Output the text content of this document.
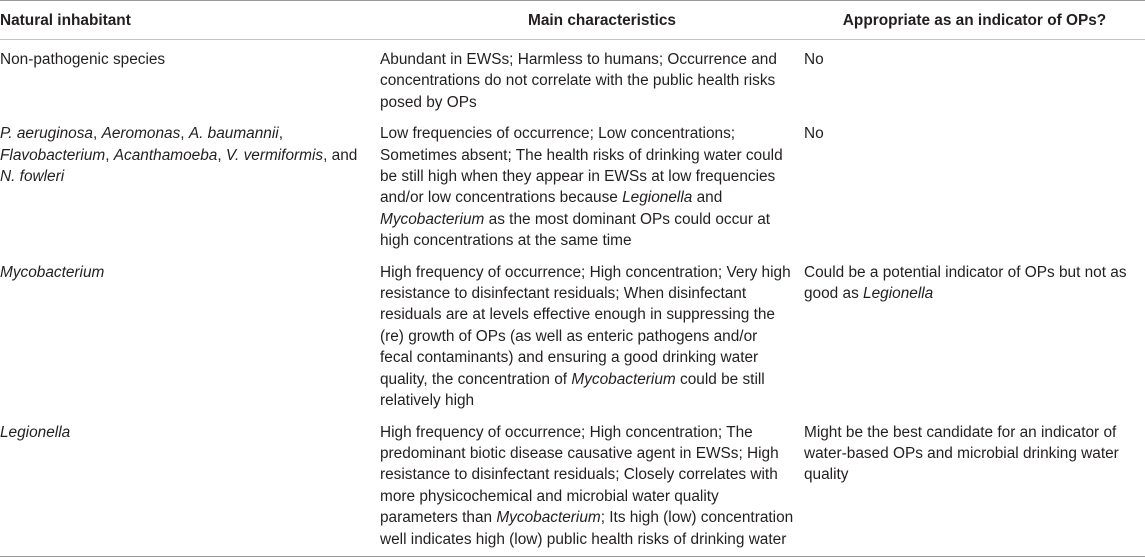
Natural inhabitant	Main characteristics	Appropriate as an indicator of OPs?

Non-pathogenic species	Abundant in EWSs; Harmless to humans; Occurrence and concentrations do not correlate with the public health risks posed by OPs	No

P. aeruginosa, Aeromonas, A. baumannii, Flavobacterium, Acanthamoeba, V. vermiformis, and N. fowleri	Low frequencies of occurrence; Low concentrations; Sometimes absent; The health risks of drinking water could be still high when they appear in EWSs at low frequencies and/or low concentrations because Legionella and Mycobacterium as the most dominant OPs could occur at high concentrations at the same time	No

Mycobacterium	High frequency of occurrence; High concentration; Very high resistance to disinfectant residuals; When disinfectant residuals are at levels effective enough in suppressing the (re) growth of OPs (as well as enteric pathogens and/or fecal contaminants) and ensuring a good drinking water quality, the concentration of Mycobacterium could be still relatively high	Could be a potential indicator of OPs but not as good as Legionella

Legionella	High frequency of occurrence; High concentration; The predominant biotic disease causative agent in EWSs; High resistance to disinfectant residuals; Closely correlates with more physicochemical and microbial water quality parameters than Mycobacterium; Its high (low) concentration well indicates high (low) public health risks of drinking water	Might be the best candidate for an indicator of water-based OPs and microbial drinking water quality
